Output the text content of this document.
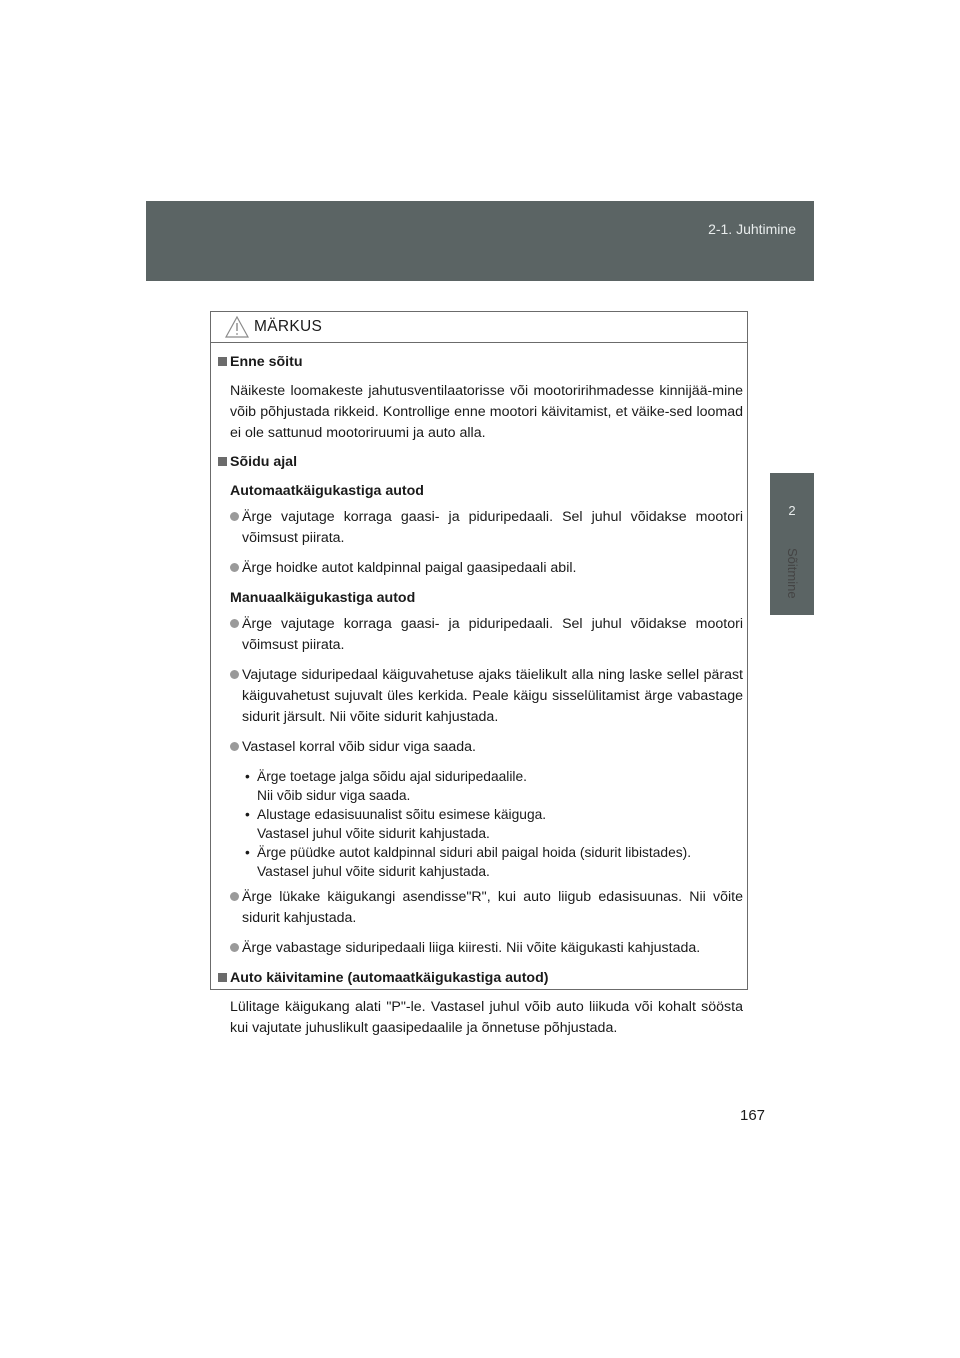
2-1. Juhtimine
2
Sõitmine
MÄRKUS
Enne sõitu
Näikeste loomakeste jahutusventilaatorisse või mootoririhmadesse kinnijää-mine võib põhjustada rikkeid. Kontrollige enne mootori käivitamist, et väike-sed loomad ei ole sattunud mootoriruumi ja auto alla.
Sõidu ajal
Automaatkäigukastiga autod
Ärge vajutage korraga gaasi- ja piduripedaali. Sel juhul võidakse mootori võimsust piirata.
Ärge hoidke autot kaldpinnal paigal gaasipedaali abil.
Manuaalkäigukastiga autod
Ärge vajutage korraga gaasi- ja piduripedaali. Sel juhul võidakse mootori võimsust piirata.
Vajutage siduripedaal käiguvahetuse ajaks täielikult alla ning laske sellel pärast käiguvahetust sujuvalt üles kerkida. Peale käigu sisselülitamist ärge vabastage sidurit järsult. Nii võite sidurit kahjustada.
Vastasel korral võib sidur viga saada.
• Ärge toetage jalga sõidu ajal siduripedaalile.
Nii võib sidur viga saada.
• Alustage edasisuunalist sõitu esimese käiguga.
Vastasel juhul võite sidurit kahjustada.
• Ärge püüdke autot kaldpinnal siduri abil paigal hoida (sidurit libistades).
Vastasel juhul võite sidurit kahjustada.
Ärge lükake käigukangi asendisse"R", kui auto liigub edasisuunas. Nii võite sidurit kahjustada.
Ärge vabastage siduripedaali liiga kiiresti. Nii võite käigukasti kahjustada.
Auto käivitamine (automaatkäigukastiga autod)
Lülitage käigukang alati "P"-le. Vastasel juhul võib auto liikuda või kohalt söösta kui vajutate juhuslikult gaasipedaalile ja õnnetuse põhjustada.
167
